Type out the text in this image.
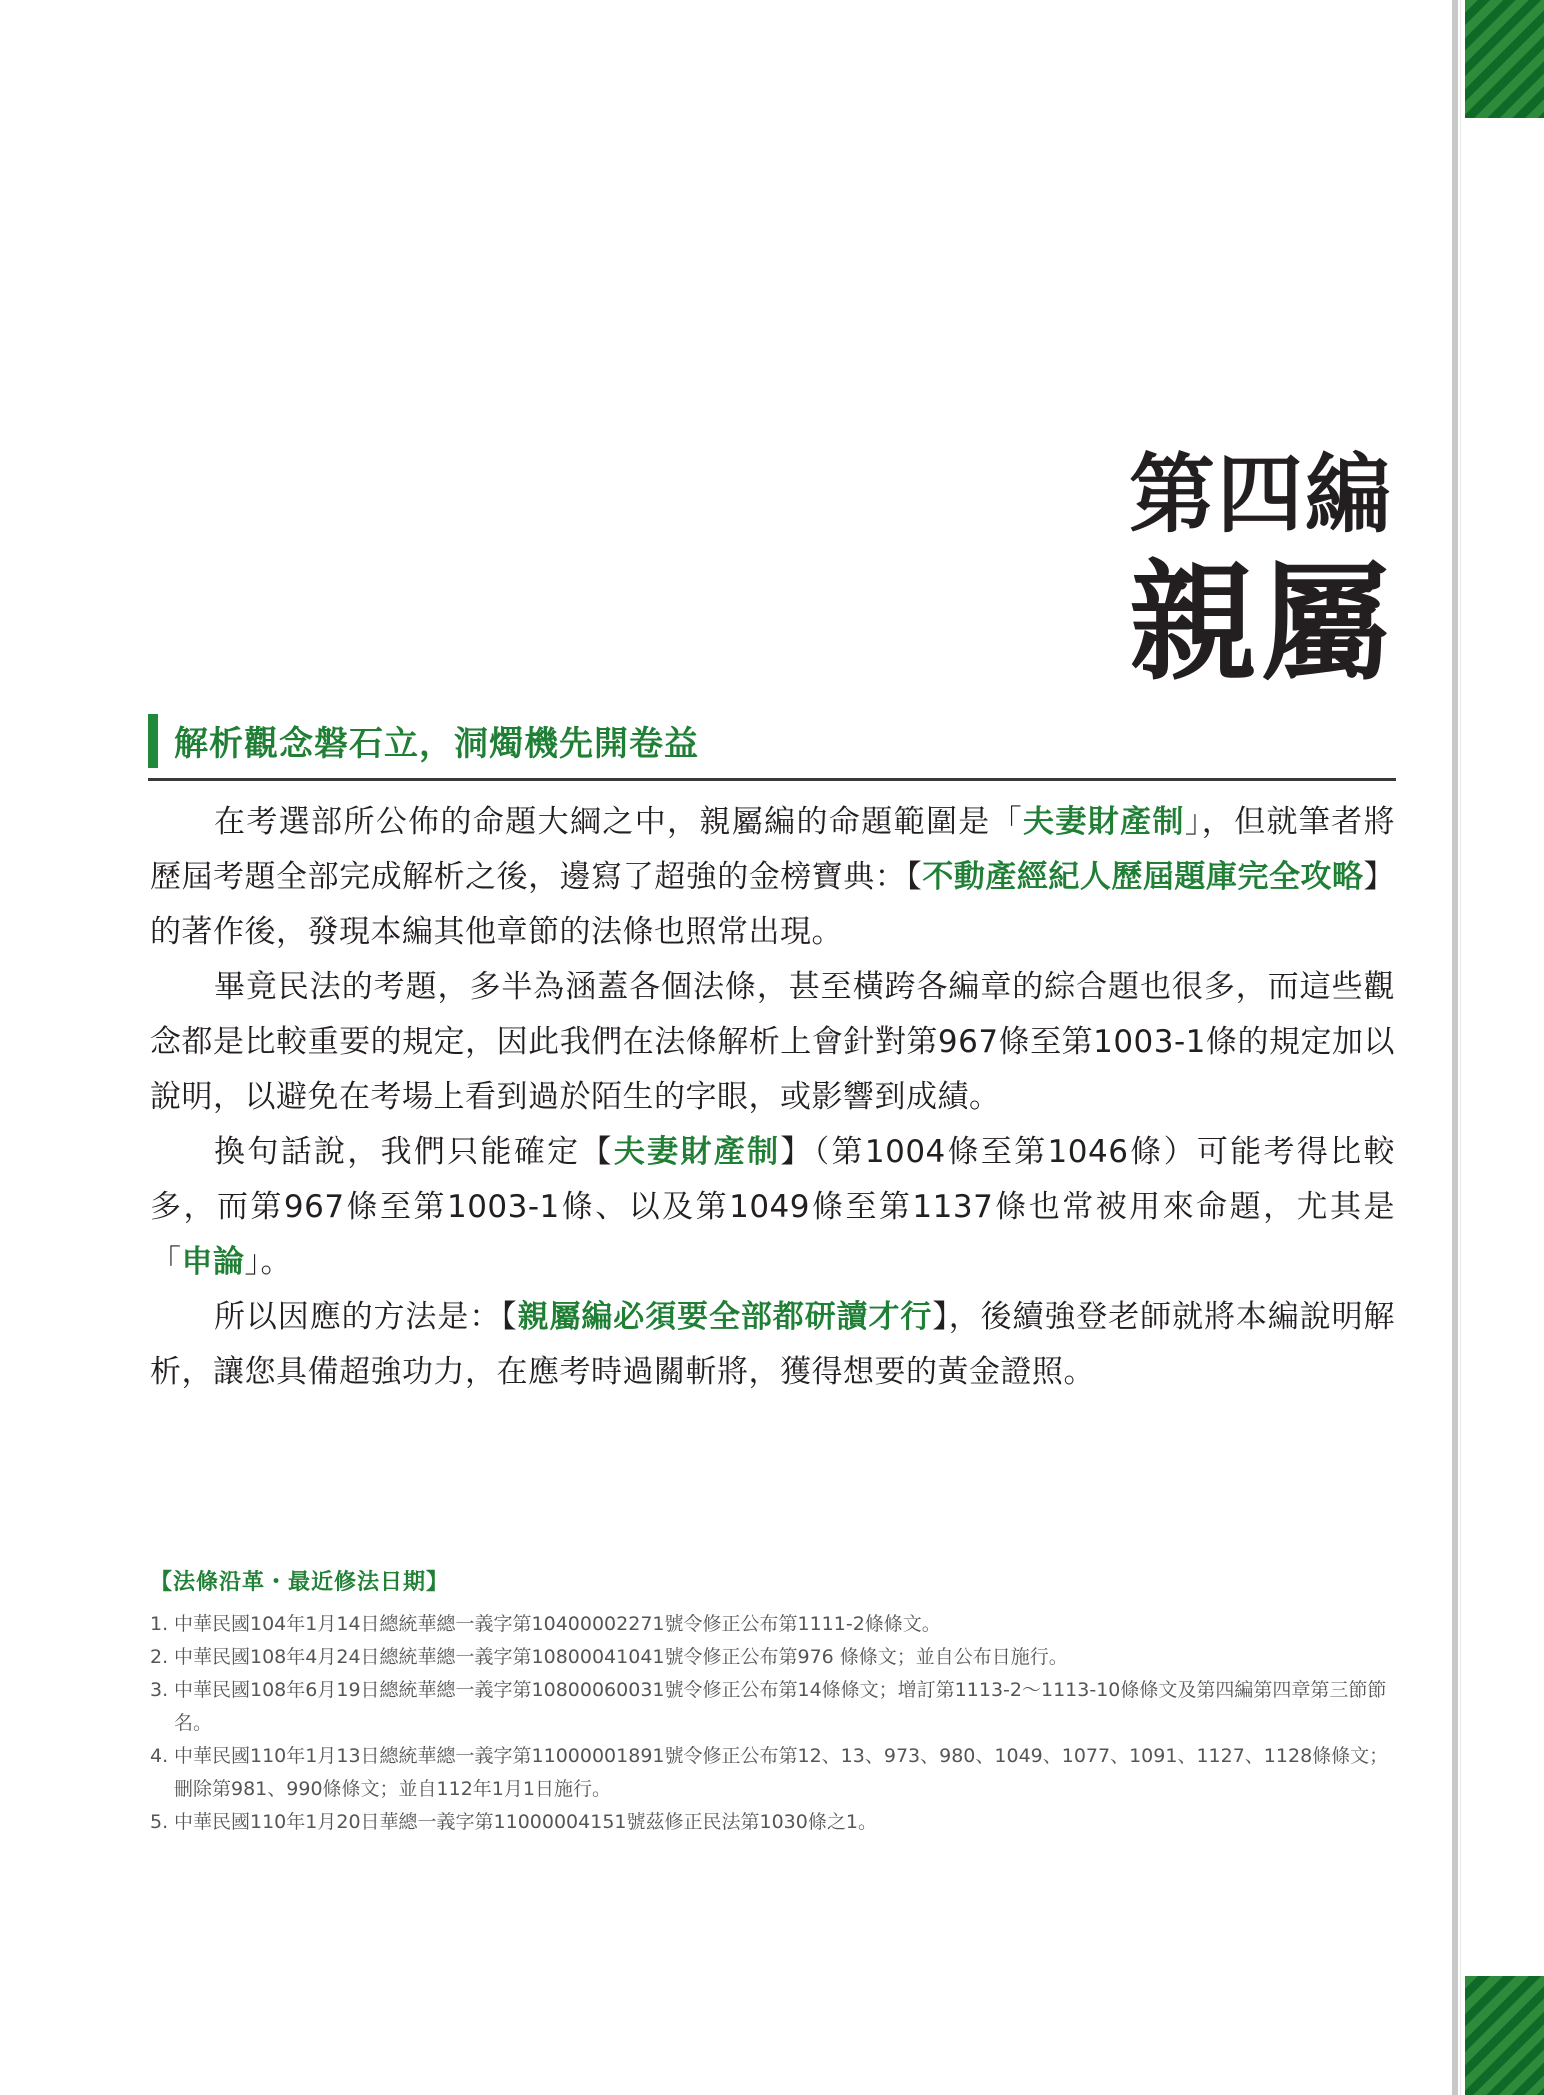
第四編
親屬
解析觀念磐石立，洞燭機先開卷益

在考選部所公佈的命題大綱之中，親屬編的命題範圍是「夫妻財產制」，但就筆者將歷屆考題全部完成解析之後，邊寫了超強的金榜寶典：【不動產經紀人歷屆題庫完全攻略】的著作後，發現本編其他章節的法條也照常出現。

畢竟民法的考題，多半為涵蓋各個法條，甚至橫跨各編章的綜合題也很多，而這些觀念都是比較重要的規定，因此我們在法條解析上會針對第967條至第1003-1條的規定加以說明，以避免在考場上看到過於陌生的字眼，或影響到成績。

換句話說，我們只能確定【夫妻財產制】（第1004條至第1046條）可能考得比較多，而第967條至第1003-1條、以及第1049條至第1137條也常被用來命題，尤其是「申論」。

所以因應的方法是：【親屬編必須要全部都研讀才行】，後續強登老師就將本編說明解析，讓您具備超強功力，在應考時過關斬將，獲得想要的黃金證照。

【法條沿革・最近修法日期】
1. 中華民國104年1月14日總統華總一義字第10400002271號令修正公布第1111-2條條文。
2. 中華民國108年4月24日總統華總一義字第10800041041號令修正公布第976 條條文；並自公布日施行。
3. 中華民國108年6月19日總統華總一義字第10800060031號令修正公布第14條條文；增訂第1113-2～1113-10條條文及第四編第四章第三節節名。
4. 中華民國110年1月13日總統華總一義字第11000001891號令修正公布第12、13、973、980、1049、1077、1091、1127、1128條條文；刪除第981、990條條文；並自112年1月1日施行。
5. 中華民國110年1月20日華總一義字第11000004151號茲修正民法第1030條之1。
